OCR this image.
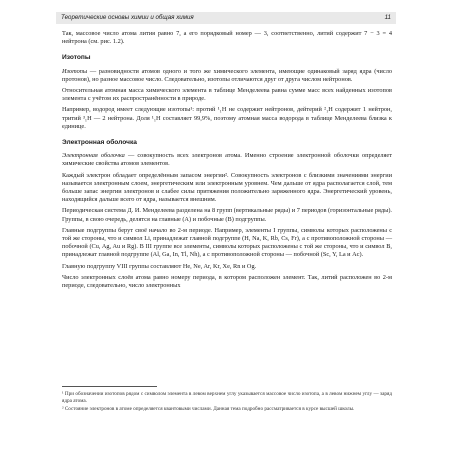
Теоретические основы химии и общая химия	11

Так, массовое число атома лития равно 7, а его порядковый номер — 3, соответственно, литий содержит 7 − 3 = 4 нейтрона (см. рис. 1.2).

Изотопы

Изотопы — разновидности атомов одного и того же химического элемента, имеющие одинаковый заряд ядра (число протонов), но разное массовое число. Следовательно, изотопы отличаются друг от друга числом нейтронов.

Относительная атомная масса химического элемента в таблице Менделеева равна сумме масс всех найденных изотопов элемента с учётом их распространённости в природе.

Например, водород имеет следующие изотопы¹: протий ¹₁H не содержит нейтронов, дейтерий ²₁H содержит 1 нейтрон, тритий ³₁H — 2 нейтрона. Доля ¹₁H составляет 99,9%, поэтому атомная масса водорода в таблице Менделеева близка к единице.

Электронная оболочка

Электронная оболочка — совокупность всех электронов атома. Именно строение электронной оболочки определяет химические свойства атомов элементов.

Каждый электрон обладает определённым запасом энергии². Совокупность электронов с близкими значениями энергии называется электронным слоем, энергетическим или электронным уровнем. Чем дальше от ядра располагается слой, тем больше запас энергии электронов и слабее силы притяжения положительно заряженного ядра. Энергетический уровень, находящийся дальше всего от ядра, называется внешним.

Периодическая система Д. И. Менделеева разделена на 8 групп (вертикальные ряды) и 7 периодов (горизонтальные ряды). Группы, в свою очередь, делятся на главные (А) и побочные (В) подгруппы.

Главные подгруппы берут своё начало во 2-м периоде. Например, элементы I группы, символы которых расположены с той же стороны, что и символ Li, принадлежат главной подгруппе (H, Na, K, Rb, Cs, Fr), а с противоположной стороны — побочной (Cu, Ag, Au и Rg). В III группе все элементы, символы которых расположены с той же стороны, что и символ B, принадлежат главной подгруппе (Al, Ga, In, Tl, Nh), а с противоположной стороны — побочной (Sc, Y, La и Ac).

Главную подгруппу VIII группы составляют He, Ne, Ar, Kr, Xe, Rn и Og.

Число электронных слоёв атома равно номеру периода, в котором расположен элемент. Так, литий расположен во 2-м периоде, следовательно, число электронных

¹ При обозначении изотопов рядом с символом элемента в левом верхнем углу указывается массовое число изотопа, а в левом нижнем углу — заряд ядра атома.

² Состояние электронов в атоме определяется квантовыми числами. Данная тема подробно рассматривается в курсе высшей школы.
